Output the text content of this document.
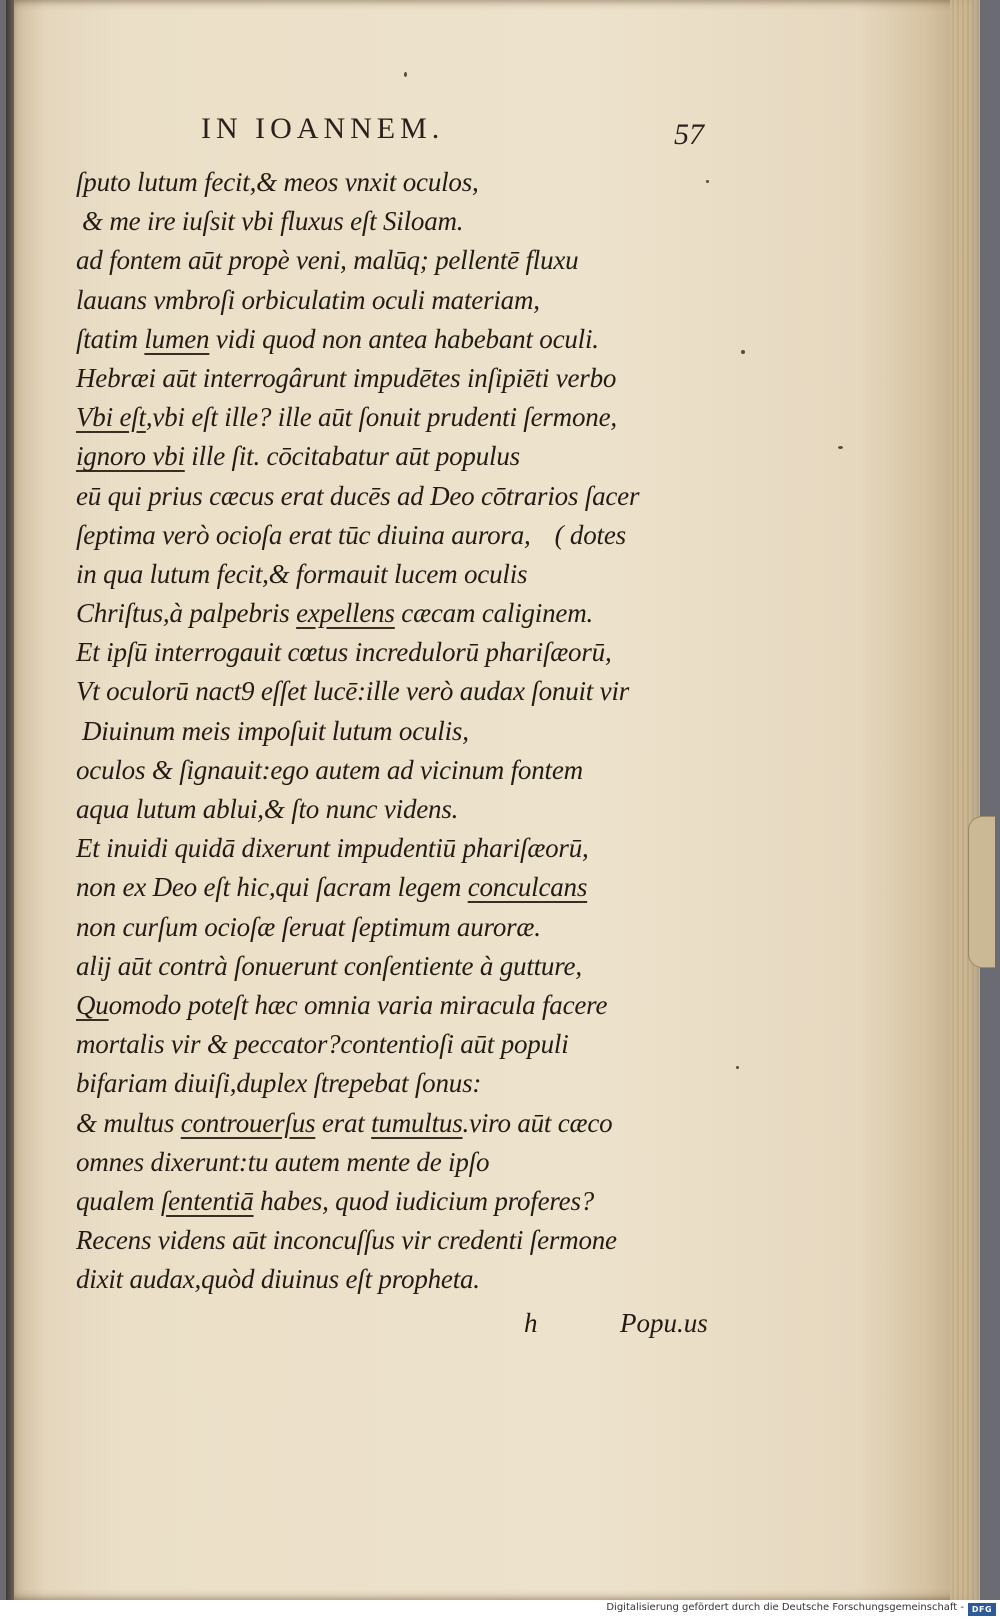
IN IOANNEM.	57
ſputo lutum fecit,& meos vnxit oculos,
& me ire iuſsit vbi fluxus eſt Siloam.
ad fontem aūt propè veni, malūq; pellentē fluxu
lauans vmbroſi orbiculatim oculi materiam,
ſtatim lumen vidi quod non antea habebant oculi.
Hebræi aūt interrogârunt impudētes inſipiēti verbo
Vbi eſt,vbi eſt ille? ille aūt ſonuit prudenti ſermone,
ignoro vbi ille ſit. cōcitabatur aūt populus
eū qui prius cæcus erat ducēs ad Deo cōtrarios ſacer
ſeptima verò ocioſa erat tūc diuina aurora, ( dotes
in qua lutum fecit,& formauit lucem oculis
Chriſtus,à palpebris expellens cæcam caliginem.
Et ipſū interrogauit cœtus incredulorū phariſæorū,
Vt oculorū nact9 eſſet lucē:ille verò audax ſonuit vir
Diuinum meis impoſuit lutum oculis,
oculos & ſignauit:ego autem ad vicinum fontem
aqua lutum ablui,& ſto nunc videns.
Et inuidi quidā dixerunt impudentiū phariſæorū,
non ex Deo eſt hic,qui ſacram legem conculcans
non curſum ocioſæ ſeruat ſeptimum auroræ.
alij aūt contrà ſonuerunt conſentiente à gutture,
Quomodo poteſt hæc omnia varia miracula facere
mortalis vir & peccator?contentioſi aūt populi
bifariam diuiſi,duplex ſtrepebat ſonus:
& multus controuerſus erat tumultus.viro aūt cæco
omnes dixerunt:tu autem mente de ipſo
qualem ſententiā habes, quod iudicium proferes?
Recens videns aūt inconcuſſus vir credenti ſermone
dixit audax,quòd diuinus eſt propheta.
h	Popu.us
Digitalisierung gefördert durch die Deutsche Forschungsgemeinschaft - DFG
